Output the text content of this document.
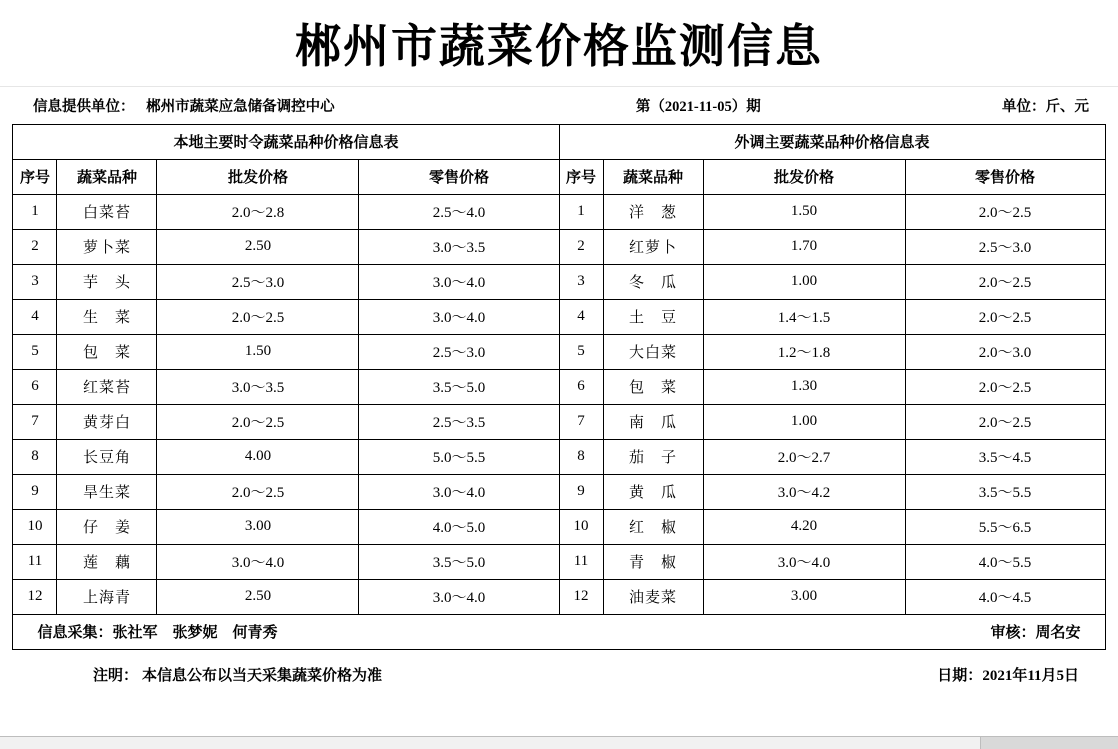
郴州市蔬菜价格监测信息
信息提供单位： 郴州市蔬菜应急储备调控中心	第（2021-11-05）期	单位：斤、元
本地主要时令蔬菜品种价格信息表				外调主要蔬菜品种价格信息表			
序号	蔬菜品种	批发价格	零售价格	序号	蔬菜品种	批发价格	零售价格
1	白菜苔	2.0～2.8	2.5～4.0	1	洋　葱	1.50	2.0～2.5
2	萝卜菜	2.50	3.0～3.5	2	红萝卜	1.70	2.5～3.0
3	芋　头	2.5～3.0	3.0～4.0	3	冬　瓜	1.00	2.0～2.5
4	生　菜	2.0～2.5	3.0～4.0	4	土　豆	1.4～1.5	2.0～2.5
5	包　菜	1.50	2.5～3.0	5	大白菜	1.2～1.8	2.0～3.0
6	红菜苔	3.0～3.5	3.5～5.0	6	包　菜	1.30	2.0～2.5
7	黄芽白	2.0～2.5	2.5～3.5	7	南　瓜	1.00	2.0～2.5
8	长豆角	4.00	5.0～5.5	8	茄　子	2.0～2.7	3.5～4.5
9	旱生菜	2.0～2.5	3.0～4.0	9	黄　瓜	3.0～4.2	3.5～5.5
10	仔　姜	3.00	4.0～5.0	10	红　椒	4.20	5.5～6.5
11	莲　藕	3.0～4.0	3.5～5.0	11	青　椒	3.0～4.0	4.0～5.5
12	上海青	2.50	3.0～4.0	12	油麦菜	3.00	4.0～4.5

信息采集：张社军　张梦妮　何青秀 审核：周名安							
注明： 本信息公布以当天采集蔬菜价格为准	日期：2021年11月5日
